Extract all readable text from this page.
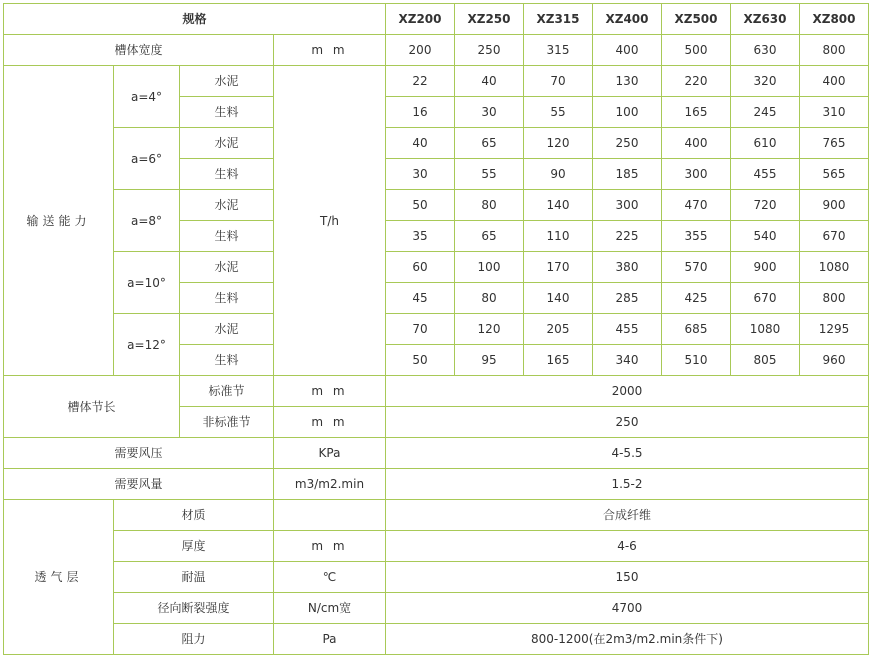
规格				XZ200	XZ250	XZ315	XZ400	XZ500	XZ630	XZ800
槽体宽度			m m	200	250	315	400	500	630	800
输送能力	a=4°	水泥	T/h	22	40	70	130	220	320	400
		生料		16	30	55	100	165	245	310
	a=6°	水泥		40	65	120	250	400	610	765
		生料		30	55	90	185	300	455	565
	a=8°	水泥		50	80	140	300	470	720	900
		生料		35	65	110	225	355	540	670
	a=10°	水泥		60	100	170	380	570	900	1080
		生料		45	80	140	285	425	670	800
	a=12°	水泥		70	120	205	455	685	1080	1295
		生料		50	95	165	340	510	805	960
槽体节长		标准节	m m	2000						
		非标准节	m m	250						
需要风压			KPa	4-5.5						
需要风量			m3/m2.min	1.5-2						
透气层	材质			合成纤维						
	厚度		m m	4-6						
	耐温		℃	150						
	径向断裂强度		N/cm宽	4700						
	阻力		Pa	800-1200(在2m3/m2.min条件下)						
